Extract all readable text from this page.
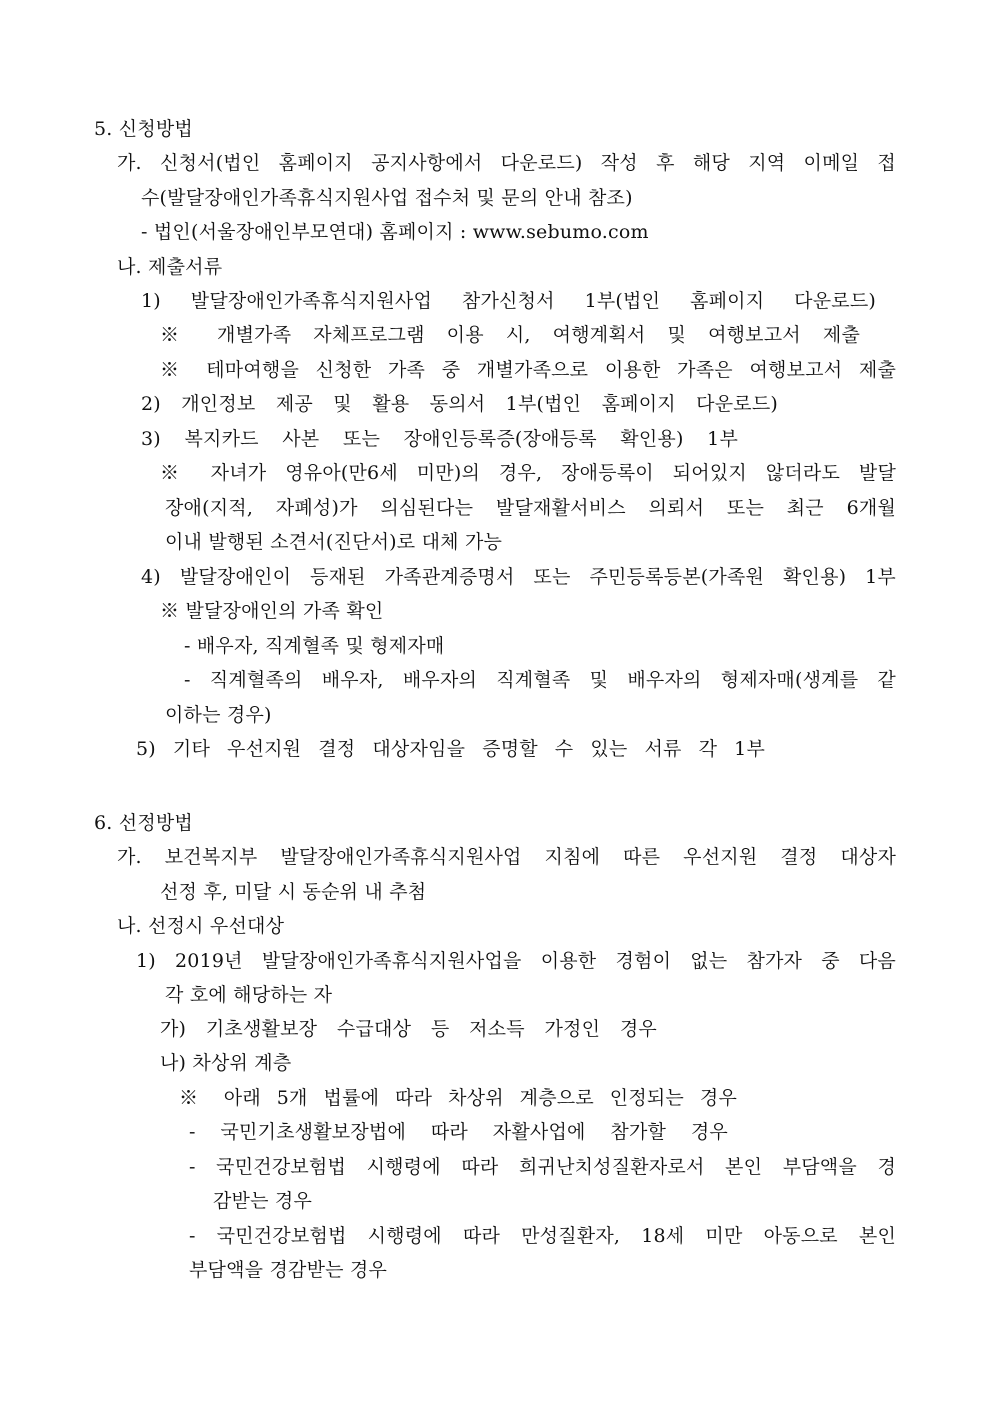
5. 신청방법
가. 신청서(법인 홈페이지 공지사항에서 다운로드) 작성 후 해당 지역 이메일 접
수(발달장애인가족휴식지원사업 접수처 및 문의 안내 참조)
- 법인(서울장애인부모연대) 홈페이지 : www.sebumo.com
나. 제출서류
1) 발달장애인가족휴식지원사업 참가신청서 1부(법인 홈페이지 다운로드)
※ 개별가족 자체프로그램 이용 시, 여행계획서 및 여행보고서 제출
※ 테마여행을 신청한 가족 중 개별가족으로 이용한 가족은 여행보고서 제출
2) 개인정보 제공 및 활용 동의서 1부(법인 홈페이지 다운로드)
3) 복지카드 사본 또는 장애인등록증(장애등록 확인용) 1부
※ 자녀가 영유아(만6세 미만)의 경우, 장애등록이 되어있지 않더라도 발달
장애(지적, 자폐성)가 의심된다는 발달재활서비스 의뢰서 또는 최근 6개월
이내 발행된 소견서(진단서)로 대체 가능
4) 발달장애인이 등재된 가족관계증명서 또는 주민등록등본(가족원 확인용) 1부
※ 발달장애인의 가족 확인
- 배우자, 직계혈족 및 형제자매
- 직계혈족의 배우자, 배우자의 직계혈족 및 배우자의 형제자매(생계를 같
이하는 경우)
5) 기타 우선지원 결정 대상자임을 증명할 수 있는 서류 각 1부
6. 선정방법
가. 보건복지부 발달장애인가족휴식지원사업 지침에 따른 우선지원 결정 대상자
선정 후, 미달 시 동순위 내 추첨
나. 선정시 우선대상
1) 2019년 발달장애인가족휴식지원사업을 이용한 경험이 없는 참가자 중 다음
각 호에 해당하는 자
가) 기초생활보장 수급대상 등 저소득 가정인 경우
나) 차상위 계층
※ 아래 5개 법률에 따라 차상위 계층으로 인정되는 경우
- 국민기초생활보장법에 따라 자활사업에 참가할 경우
- 국민건강보험법 시행령에 따라 희귀난치성질환자로서 본인 부담액을 경
감받는 경우
- 국민건강보험법 시행령에 따라 만성질환자, 18세 미만 아동으로 본인
부담액을 경감받는 경우
